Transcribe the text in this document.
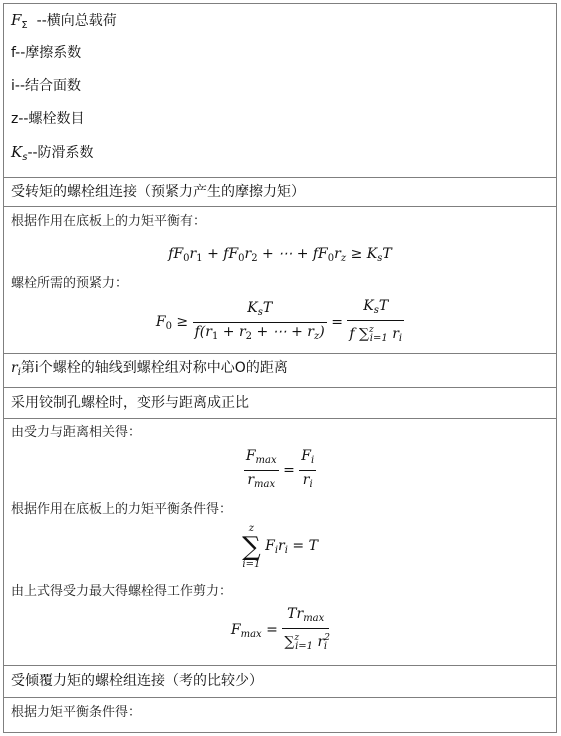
$F_\Sigma$ --横向总载荷
f--摩擦系数
i--结合面数
z--螺栓数目
$K_s--$防滑系数

受转矩的螺栓组连接（预紧力产生的摩擦力矩）

根据作用在底板上的力矩平衡有：
$fF_0r_1 + fF_0r_2$ + ⋯ + $fF_0r_z \ge K_sT$
螺栓所需的预紧力：
$F_0 \ge \frac{K_sT}{f(r_1 + r_2 + \cdots + r_z)} = \frac{K_sT}{f \sum^z_{i=1} r_i}$

$r_i$第i个螺栓的轴线到螺栓组对称中心O的距离
采用铰制孔螺栓时，变形与距离成正比

由受力与距离相关得：
$\frac{F_{max}}{r_{max}} = \frac{F_i}{r_i}$
根据作用在底板上的力矩平衡条件得：
z
∑
i=1
$F_ir_i = T$
由上式得受力最大得螺栓得工作剪力：
$F_{max} = \frac{Tr_{max}}{\sum^z_{i=1} r^2_i}$

受倾覆力矩的螺栓组连接（考的比较少）

根据力矩平衡条件得：
